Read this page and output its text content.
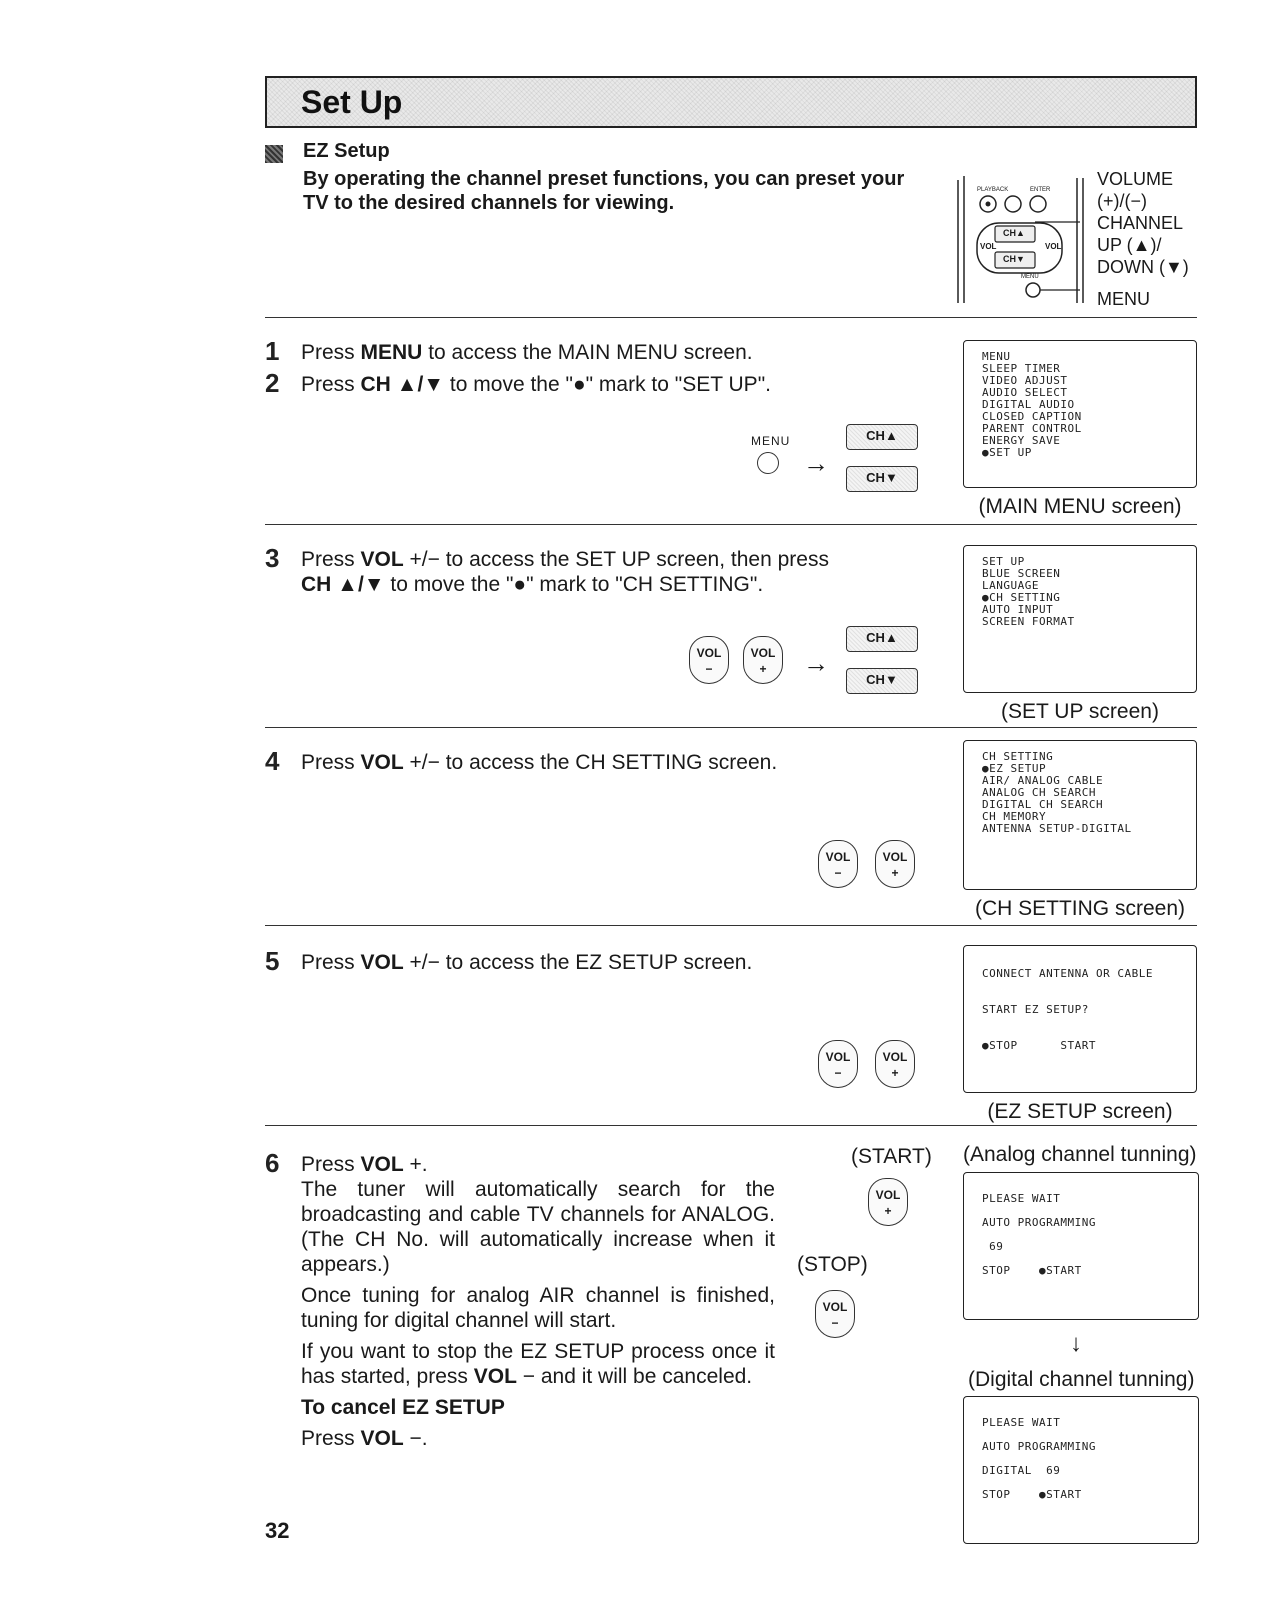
Set Up
EZ Setup
By operating the channel preset functions, you can preset your TV to the desired channels for viewing.
PLAYBACK	ENTER
CH▲
CH▼
VOL	VOL
MENU
VOLUME
(+)/(−)
CHANNEL
UP (▲)/
DOWN (▼)
MENU
1 Press MENU to access the MAIN MENU screen.
2 Press CH ▲/▼ to move the "●" mark to "SET UP".
MENU
→
CH▲
CH▼
MENU
SLEEP TIMER
VIDEO ADJUST
AUDIO SELECT
DIGITAL AUDIO
CLOSED CAPTION
PARENT CONTROL
ENERGY SAVE
●SET UP
(MAIN MENU screen)
3 Press VOL +/− to access the SET UP screen, then press
CH ▲/▼ to move the "●" mark to "CH SETTING".
VOL
−
VOL
+	→
CH▲
CH▼
SET UP
BLUE SCREEN
LANGUAGE
●CH SETTING
AUTO INPUT
SCREEN FORMAT
(SET UP screen)
4 Press VOL +/− to access the CH SETTING screen.
VOL
−
VOL
+
CH SETTING
●EZ SETUP
AIR/ ANALOG CABLE
ANALOG CH SEARCH
DIGITAL CH SEARCH
CH MEMORY
ANTENNA SETUP-DIGITAL
(CH SETTING screen)
5 Press VOL +/− to access the EZ SETUP screen.
VOL
−
VOL
+
CONNECT ANTENNA OR CABLE
START EZ SETUP?
●STOP      START
(EZ SETUP screen)
6 Press VOL +.
The tuner will automatically search for the broadcasting and cable TV channels for ANALOG. (The CH No. will automatically increase when it appears.)
Once tuning for analog AIR channel is finished, tuning for digital channel will start.
If you want to stop the EZ SETUP process once it has started, press VOL − and it will be canceled.
To cancel EZ SETUP
Press VOL −.
(START)
VOL
+
(STOP)
VOL
−
(Analog channel tunning)
PLEASE WAIT
AUTO PROGRAMMING
69
STOP    ●START
↓
(Digital channel tunning)
PLEASE WAIT
AUTO PROGRAMMING
DIGITAL  69
STOP    ●START
32
